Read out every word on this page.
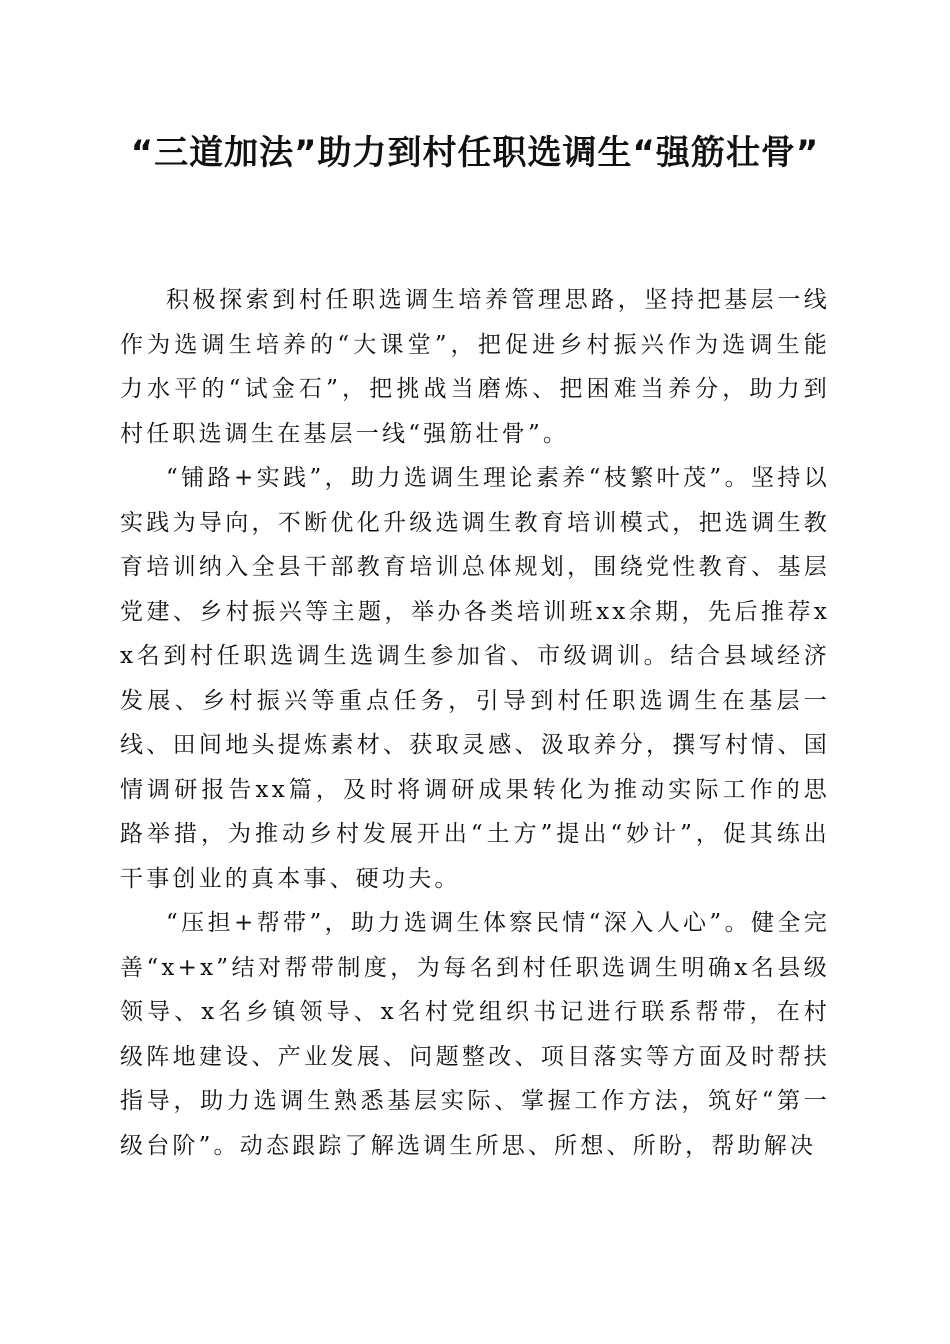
“三道加法”助力到村任职选调生“强筋壮骨”

积极探索到村任职选调生培养管理思路，坚持把基层一线作为选调生培养的“大课堂”，把促进乡村振兴作为选调生能力水平的“试金石”，把挑战当磨炼、把困难当养分，助力到村任职选调生在基层一线“强筋壮骨”。

“铺路+实践”，助力选调生理论素养“枝繁叶茂”。坚持以实践为导向，不断优化升级选调生教育培训模式，把选调生教育培训纳入全县干部教育培训总体规划，围绕党性教育、基层党建、乡村振兴等主题，举办各类培训班xx余期，先后推荐xx名到村任职选调生选调生参加省、市级调训。结合县域经济发展、乡村振兴等重点任务，引导到村任职选调生在基层一线、田间地头提炼素材、获取灵感、汲取养分，撰写村情、国情调研报告xx篇，及时将调研成果转化为推动实际工作的思路举措，为推动乡村发展开出“土方”提出“妙计”，促其练出干事创业的真本事、硬功夫。

“压担+帮带”，助力选调生体察民情“深入人心”。健全完善“x+x”结对帮带制度，为每名到村任职选调生明确x名县级领导、x名乡镇领导、x名村党组织书记进行联系帮带，在村级阵地建设、产业发展、问题整改、项目落实等方面及时帮扶指导，助力选调生熟悉基层实际、掌握工作方法，筑好“第一级台阶”。动态跟踪了解选调生所思、所想、所盼，帮助解决
